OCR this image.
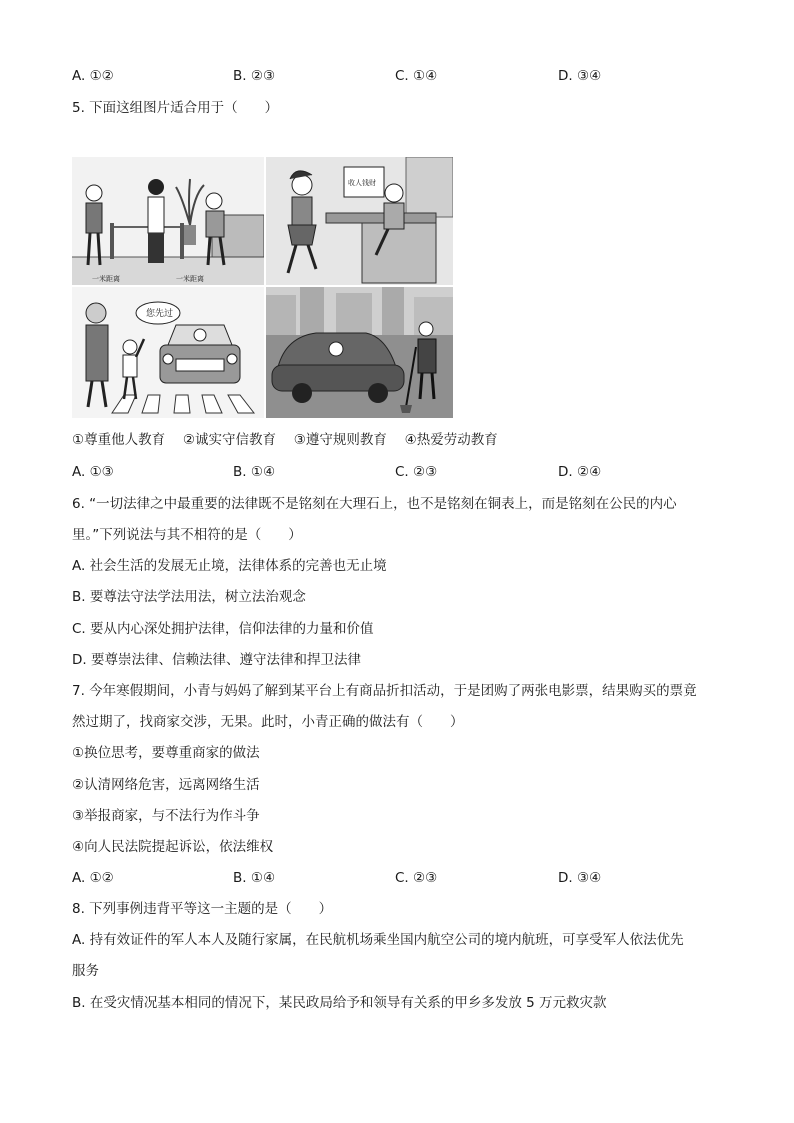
A. ①②	B. ②③	C. ①④	D. ③④
5. 下面这组图片适合用于（　　）
一米距离	一米距离
收人钱财
您先过
①尊重他人教育　 ②诚实守信教育　 ③遵守规则教育　 ④热爱劳动教育
A. ①③	B. ①④	C. ②③	D. ②④
6. “一切法律之中最重要的法律既不是铭刻在大理石上，也不是铭刻在铜表上，而是铭刻在公民的内心
里。”下列说法与其不相符的是（　　）
A. 社会生活的发展无止境，法律体系的完善也无止境
B. 要尊法守法学法用法，树立法治观念
C. 要从内心深处拥护法律，信仰法律的力量和价值
D. 要尊崇法律、信赖法律、遵守法律和捍卫法律
7. 今年寒假期间，小青与妈妈了解到某平台上有商品折扣活动，于是团购了两张电影票，结果购买的票竟
然过期了，找商家交涉，无果。此时，小青正确的做法有（　　）
①换位思考，要尊重商家的做法
②认清网络危害，远离网络生活
③举报商家，与不法行为作斗争
④向人民法院提起诉讼，依法维权
A. ①②	B. ①④	C. ②③	D. ③④
8. 下列事例违背平等这一主题的是（　　）
A. 持有效证件的军人本人及随行家属，在民航机场乘坐国内航空公司的境内航班，可享受军人依法优先
服务
B. 在受灾情况基本相同的情况下，某民政局给予和领导有关系的甲乡多发放 5 万元救灾款
